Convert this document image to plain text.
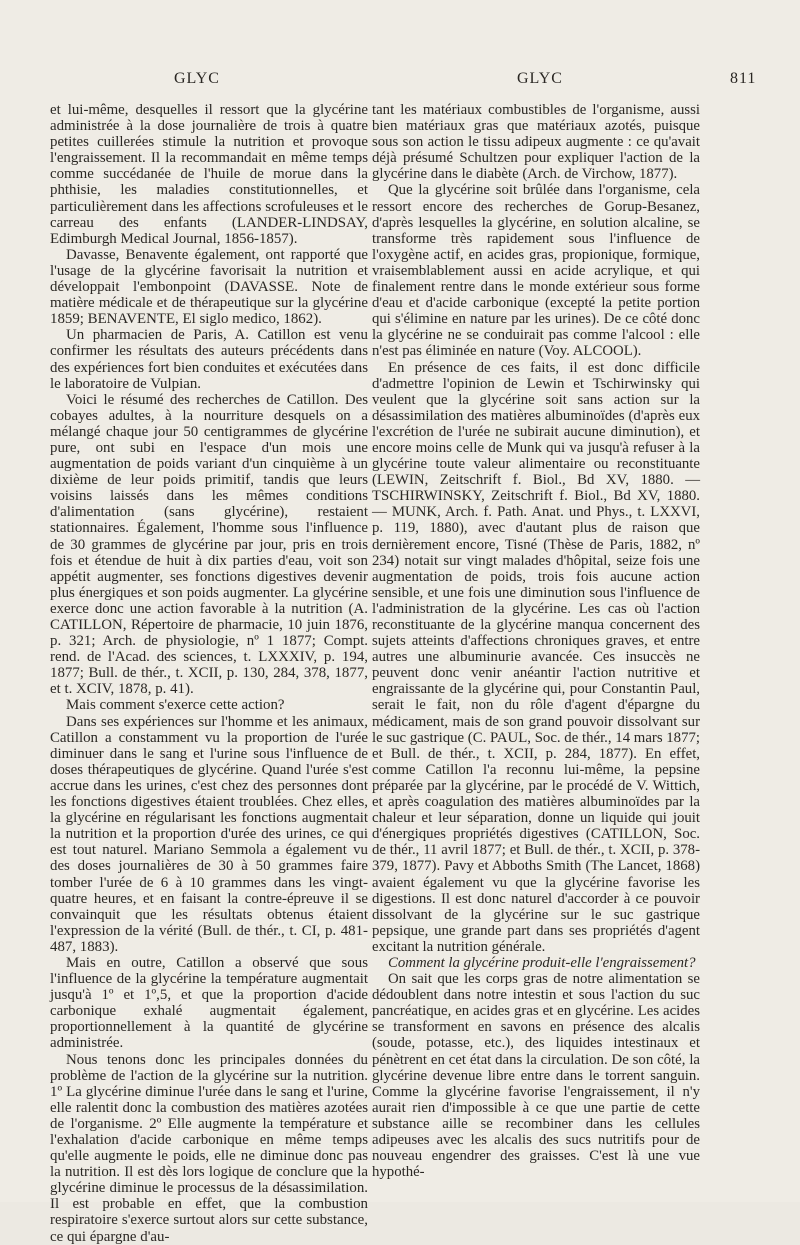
GLYC	GLYC	811

et lui-même, desquelles il ressort que la glycérine administrée à la dose journalière de trois à quatre petites cuillerées stimule la nutrition et provoque l'engraissement. Il la recommandait en même temps comme succédanée de l'huile de morue dans la phthisie, les maladies constitutionnelles, et particulièrement dans les affections scrofuleuses et le carreau des enfants (LANDER-LINDSAY, Edimburgh Medical Journal, 1856-1857).

Davasse, Benavente également, ont rapporté que l'usage de la glycérine favorisait la nutrition et développait l'embonpoint (DAVASSE. Note de matière médicale et de thérapeutique sur la glycérine 1859; BENAVENTE, El siglo medico, 1862).

Un pharmacien de Paris, A. Catillon est venu confirmer les résultats des auteurs précédents dans des expériences fort bien conduites et exécutées dans le laboratoire de Vulpian.

Voici le résumé des recherches de Catillon. Des cobayes adultes, à la nourriture desquels on a mélangé chaque jour 50 centigrammes de glycérine pure, ont subi en l'espace d'un mois une augmentation de poids variant d'un cinquième à un dixième de leur poids primitif, tandis que leurs voisins laissés dans les mêmes conditions d'alimentation (sans glycérine), restaient stationnaires. Également, l'homme sous l'influence de 30 grammes de glycérine par jour, pris en trois fois et étendue de huit à dix parties d'eau, voit son appétit augmenter, ses fonctions digestives devenir plus énergiques et son poids augmenter. La glycérine exerce donc une action favorable à la nutrition (A. CATILLON, Répertoire de pharmacie, 10 juin 1876, p. 321; Arch. de physiologie, nº 1 1877; Compt. rend. de l'Acad. des sciences, t. LXXXIV, p. 194, 1877; Bull. de thér., t. XCII, p. 130, 284, 378, 1877, et t. XCIV, 1878, p. 41).

Mais comment s'exerce cette action?

Dans ses expériences sur l'homme et les animaux, Catillon a constamment vu la proportion de l'urée diminuer dans le sang et l'urine sous l'influence de doses thérapeutiques de glycérine. Quand l'urée s'est accrue dans les urines, c'est chez des personnes dont les fonctions digestives étaient troublées. Chez elles, la glycérine en régularisant les fonctions augmentait la nutrition et la proportion d'urée des urines, ce qui est tout naturel. Mariano Semmola a également vu des doses journalières de 30 à 50 grammes faire tomber l'urée de 6 à 10 grammes dans les vingt-quatre heures, et en faisant la contre-épreuve il se convainquit que les résultats obtenus étaient l'expression de la vérité (Bull. de thér., t. CI, p. 481-487, 1883).

Mais en outre, Catillon a observé que sous l'influence de la glycérine la température augmentait jusqu'à 1º et 1º,5, et que la proportion d'acide carbonique exhalé augmentait également, proportionnellement à la quantité de glycérine administrée.

Nous tenons donc les principales données du problème de l'action de la glycérine sur la nutrition. 1º La glycérine diminue l'urée dans le sang et l'urine, elle ralentit donc la combustion des matières azotées de l'organisme. 2º Elle augmente la température et l'exhalation d'acide carbonique en même temps qu'elle augmente le poids, elle ne diminue donc pas la nutrition. Il est dès lors logique de conclure que la glycérine diminue le processus de la désassimilation. Il est probable en effet, que la combustion respiratoire s'exerce surtout alors sur cette substance, ce qui épargne d'au-

tant les matériaux combustibles de l'organisme, aussi bien matériaux gras que matériaux azotés, puisque sous son action le tissu adipeux augmente : ce qu'avait déjà présumé Schultzen pour expliquer l'action de la glycérine dans le diabète (Arch. de Virchow, 1877).

Que la glycérine soit brûlée dans l'organisme, cela ressort encore des recherches de Gorup-Besanez, d'après lesquelles la glycérine, en solution alcaline, se transforme très rapidement sous l'influence de l'oxygène actif, en acides gras, propionique, formique, vraisemblablement aussi en acide acrylique, et qui finalement rentre dans le monde extérieur sous forme d'eau et d'acide carbonique (excepté la petite portion qui s'élimine en nature par les urines). De ce côté donc la glycérine ne se conduirait pas comme l'alcool : elle n'est pas éliminée en nature (Voy. ALCOOL).

En présence de ces faits, il est donc difficile d'admettre l'opinion de Lewin et Tschirwinsky qui veulent que la glycérine soit sans action sur la désassimilation des matières albuminoïdes (d'après eux l'excrétion de l'urée ne subirait aucune diminution), et encore moins celle de Munk qui va jusqu'à refuser à la glycérine toute valeur alimentaire ou reconstituante (LEWIN, Zeitschrift f. Biol., Bd XV, 1880. — TSCHIRWINSKY, Zeitschrift f. Biol., Bd XV, 1880. — MUNK, Arch. f. Path. Anat. und Phys., t. LXXVI, p. 119, 1880), avec d'autant plus de raison que dernièrement encore, Tisné (Thèse de Paris, 1882, nº 234) notait sur vingt malades d'hôpital, seize fois une augmentation de poids, trois fois aucune action sensible, et une fois une diminution sous l'influence de l'administration de la glycérine. Les cas où l'action reconstituante de la glycérine manqua concernent des sujets atteints d'affections chroniques graves, et entre autres une albuminurie avancée. Ces insuccès ne peuvent donc venir anéantir l'action nutritive et engraissante de la glycérine qui, pour Constantin Paul, serait le fait, non du rôle d'agent d'épargne du médicament, mais de son grand pouvoir dissolvant sur le suc gastrique (C. PAUL, Soc. de thér., 14 mars 1877; et Bull. de thér., t. XCII, p. 284, 1877). En effet, comme Catillon l'a reconnu lui-même, la pepsine préparée par la glycérine, par le procédé de V. Wittich, et après coagulation des matières albuminoïdes par la chaleur et leur séparation, donne un liquide qui jouit d'énergiques propriétés digestives (CATILLON, Soc. de thér., 11 avril 1877; et Bull. de thér., t. XCII, p. 378-379, 1877). Pavy et Abboths Smith (The Lancet, 1868) avaient également vu que la glycérine favorise les digestions. Il est donc naturel d'accorder à ce pouvoir dissolvant de la glycérine sur le suc gastrique pepsique, une grande part dans ses propriétés d'agent excitant la nutrition générale.

Comment la glycérine produit-elle l'engraissement?

On sait que les corps gras de notre alimentation se dédoublent dans notre intestin et sous l'action du suc pancréatique, en acides gras et en glycérine. Les acides se transforment en savons en présence des alcalis (soude, potasse, etc.), des liquides intestinaux et pénètrent en cet état dans la circulation. De son côté, la glycérine devenue libre entre dans le torrent sanguin. Comme la glycérine favorise l'engraissement, il n'y aurait rien d'impossible à ce que une partie de cette substance aille se recombiner dans les cellules adipeuses avec les alcalis des sucs nutritifs pour de nouveau engendrer des graisses. C'est là une vue hypothé-
